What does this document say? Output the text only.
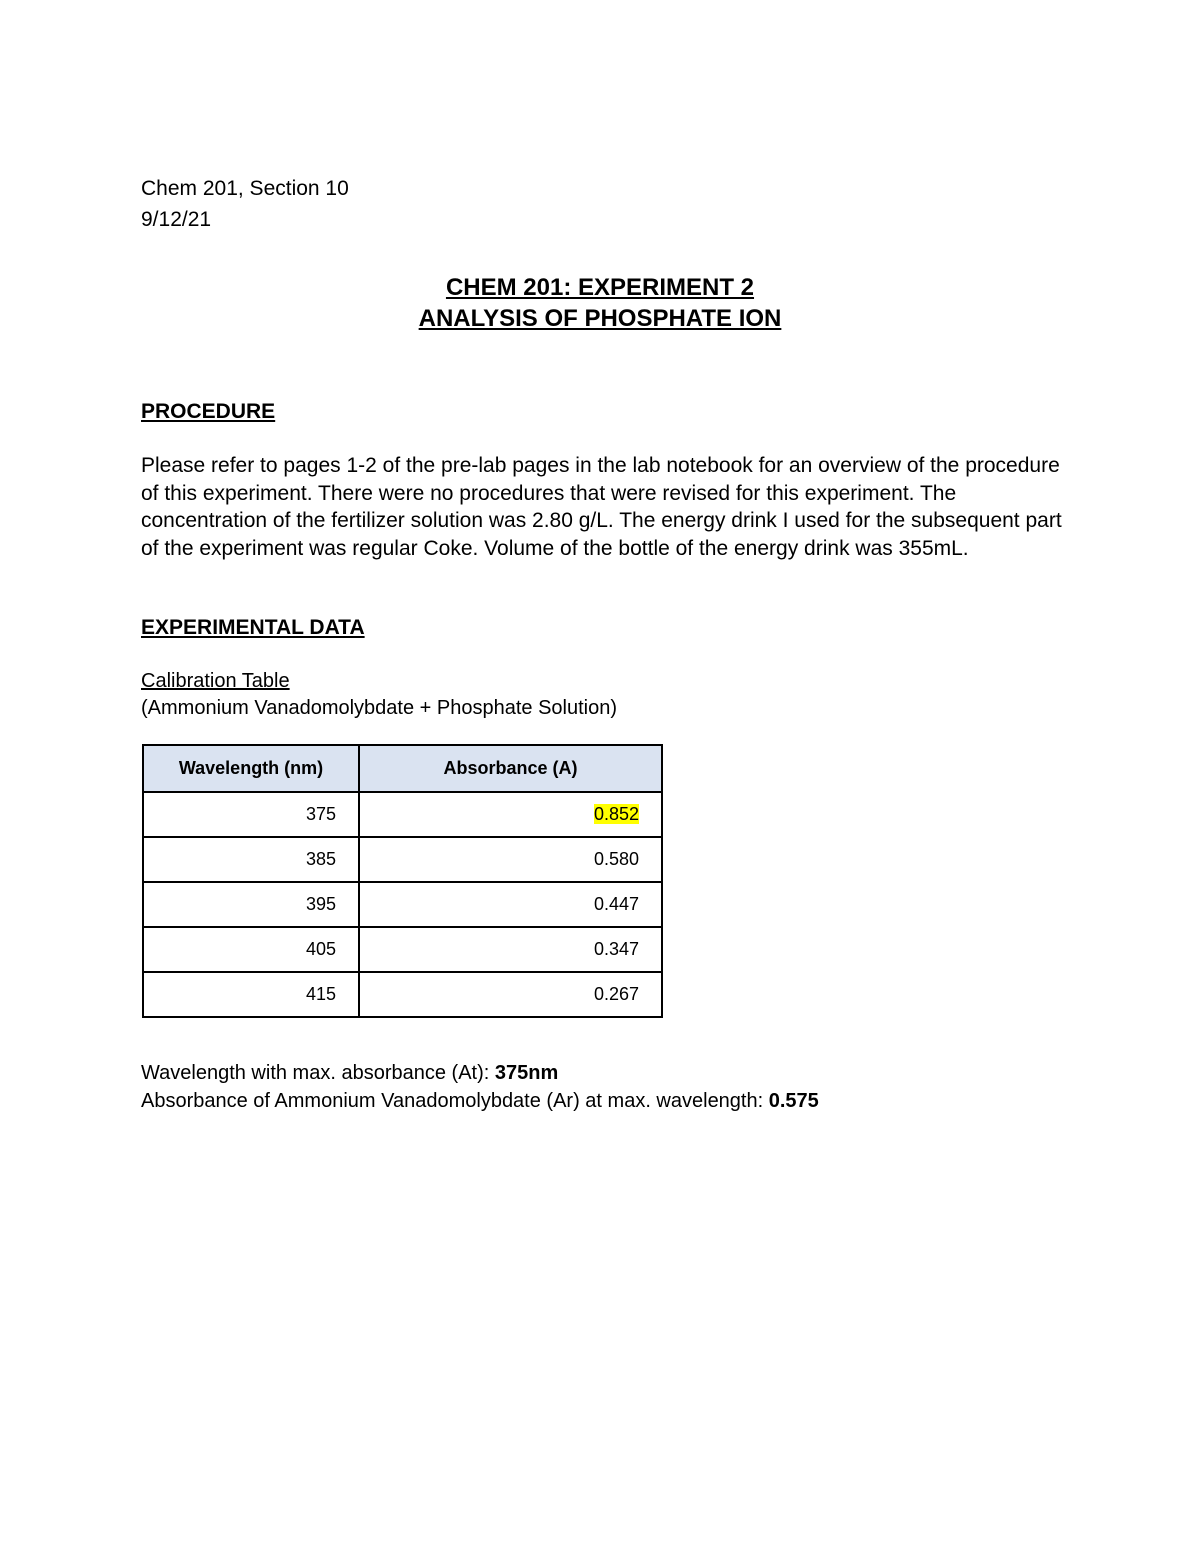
Chem 201, Section 10
9/12/21
CHEM 201: EXPERIMENT 2
ANALYSIS OF PHOSPHATE ION
PROCEDURE
Please refer to pages 1-2 of the pre-lab pages in the lab notebook for an overview of the procedure of this experiment. There were no procedures that were revised for this experiment. The concentration of the fertilizer solution was 2.80 g/L. The energy drink I used for the subsequent part of the experiment was regular Coke. Volume of the bottle of the energy drink was 355mL.
EXPERIMENTAL DATA
Calibration Table
(Ammonium Vanadomolybdate + Phosphate Solution)
Wavelength (nm)	Absorbance (A)
375	0.852
385	0.580
395	0.447
405	0.347
415	0.267
Wavelength with max. absorbance (At): 375nm
Absorbance of Ammonium Vanadomolybdate (Ar) at max. wavelength: 0.575
